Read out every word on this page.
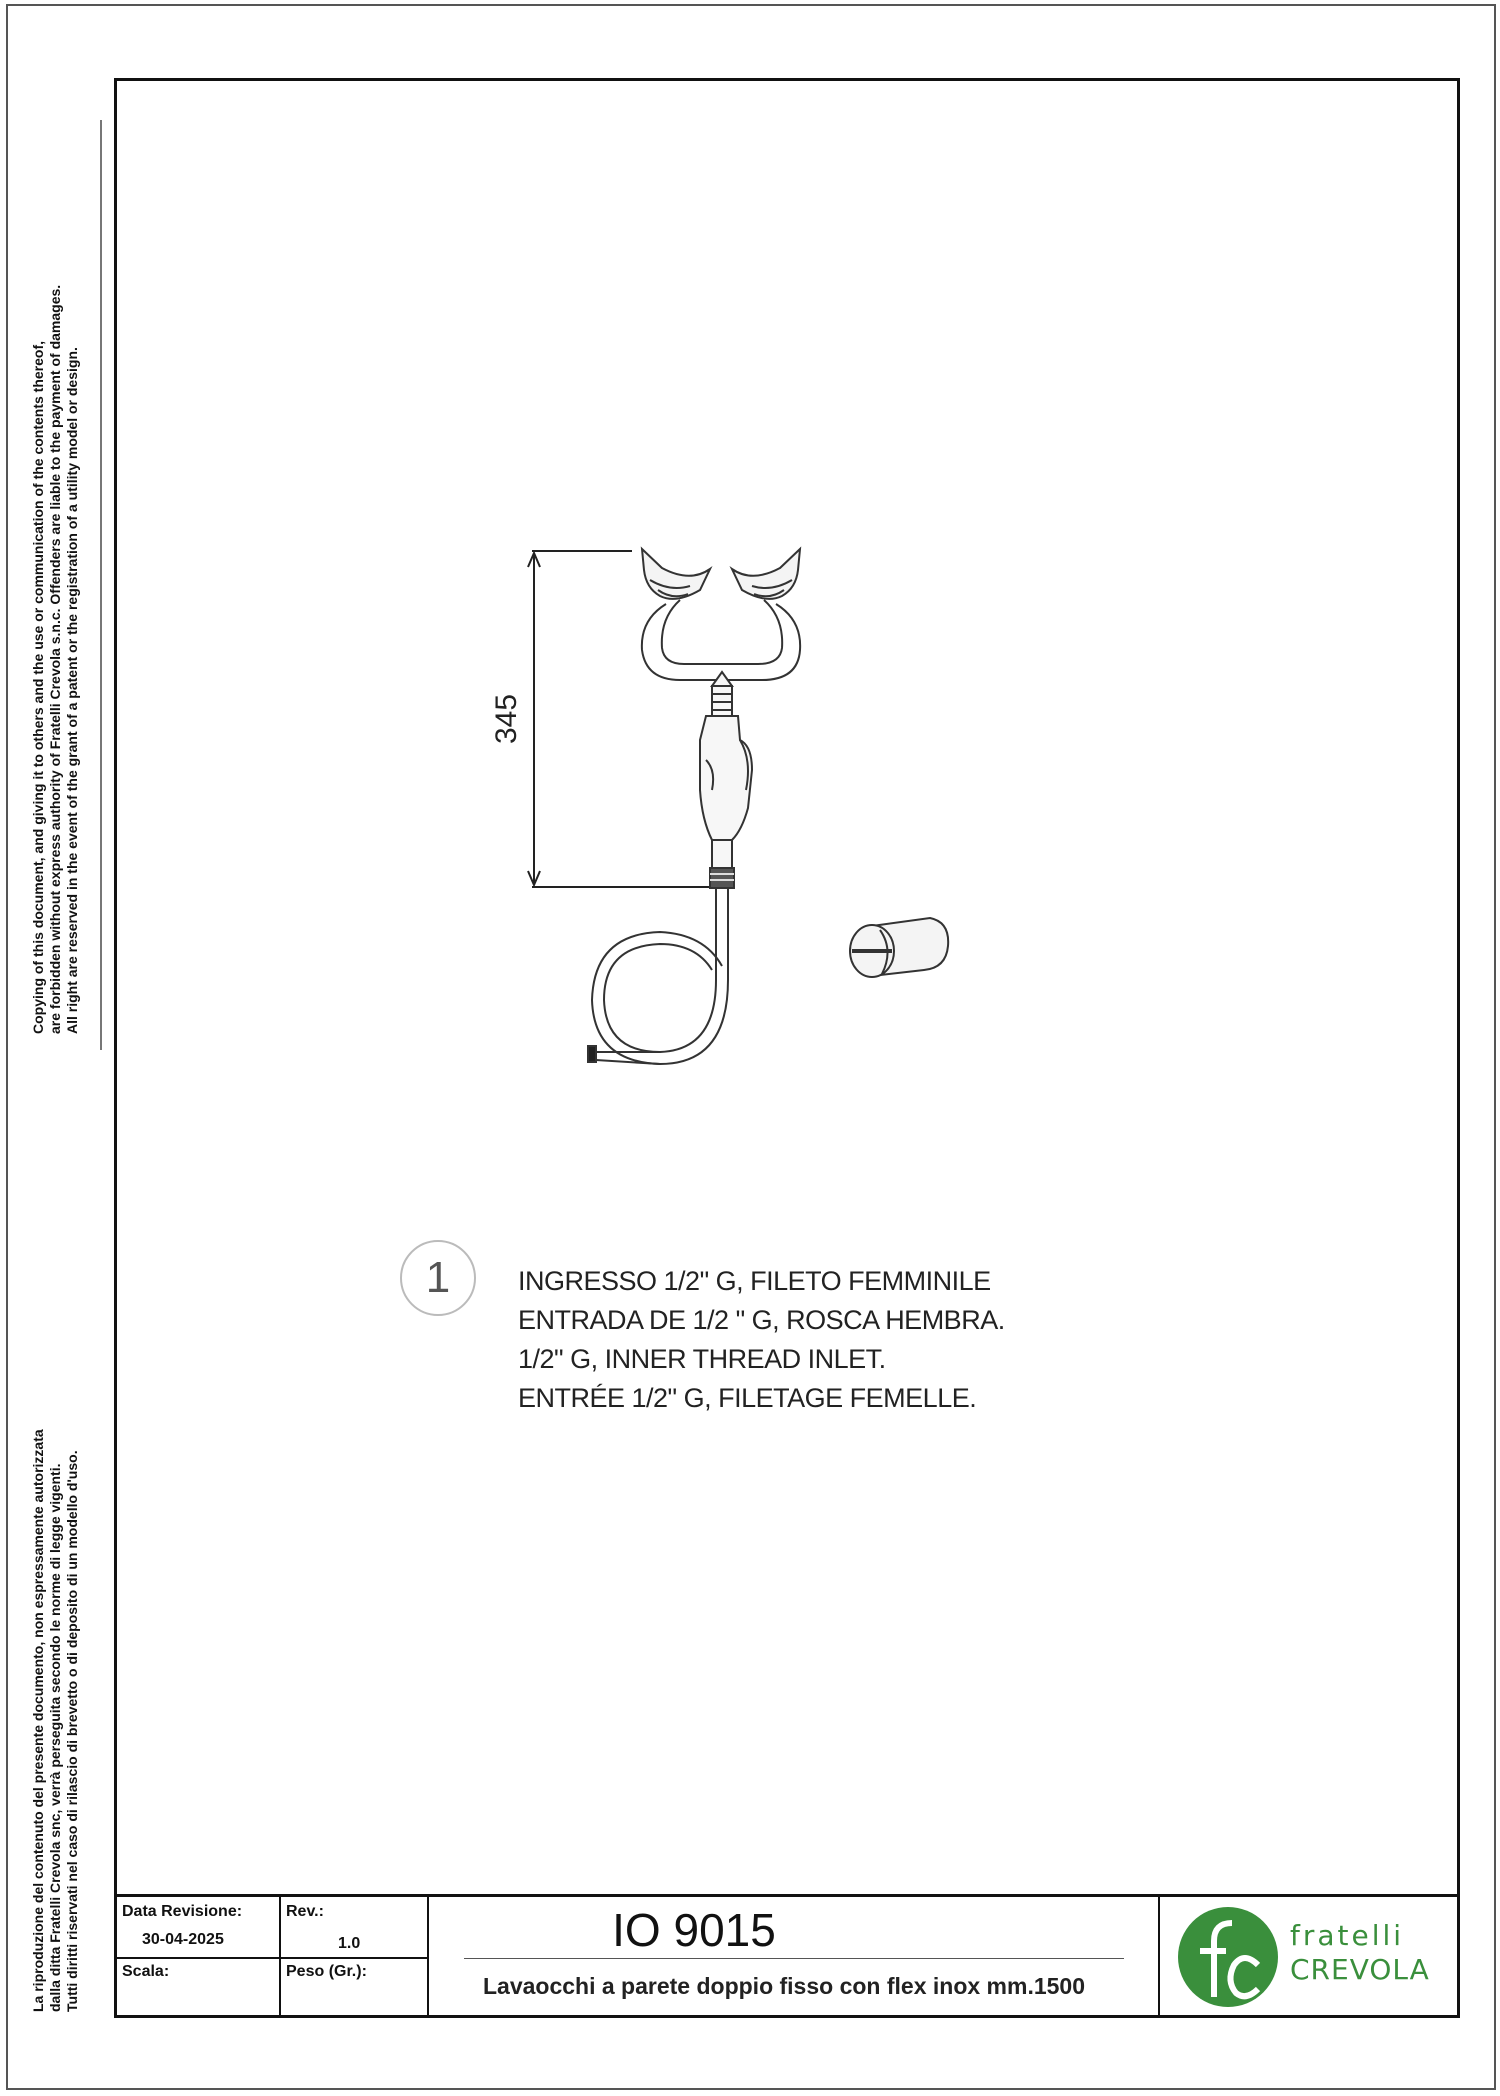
Copying of this document, and giving it to others and the use or communication of the contents thereof, are forbidden without express authority of Fratelli Crevola s.n.c. Offenders are liable to the payment of damages. All right are reserved in the event of the grant of a patent or the registration of a utility model or design.
La riproduzione del contenuto del presente documento, non espressamente autorizzata dalla ditta Fratelli Crevola snc, verrà perseguita secondo le norme di legge vigenti. Tutti diritti riservati nel caso di rilascio di brevetto o di deposito di un modello d'uso.
345
1	INGRESSO 1/2" G, FILETO FEMMINILE
ENTRADA DE 1/2 " G, ROSCA HEMBRA.
1/2" G, INNER THREAD INLET.
ENTRÉE 1/2" G, FILETAGE FEMELLE.
Data Revisione:
30-04-2025
Rev.:
1.0
Scala:	Peso (Gr.):
IO 9015
Lavaocchi a parete doppio fisso con flex inox mm.1500
fratelli
CREVOLA
